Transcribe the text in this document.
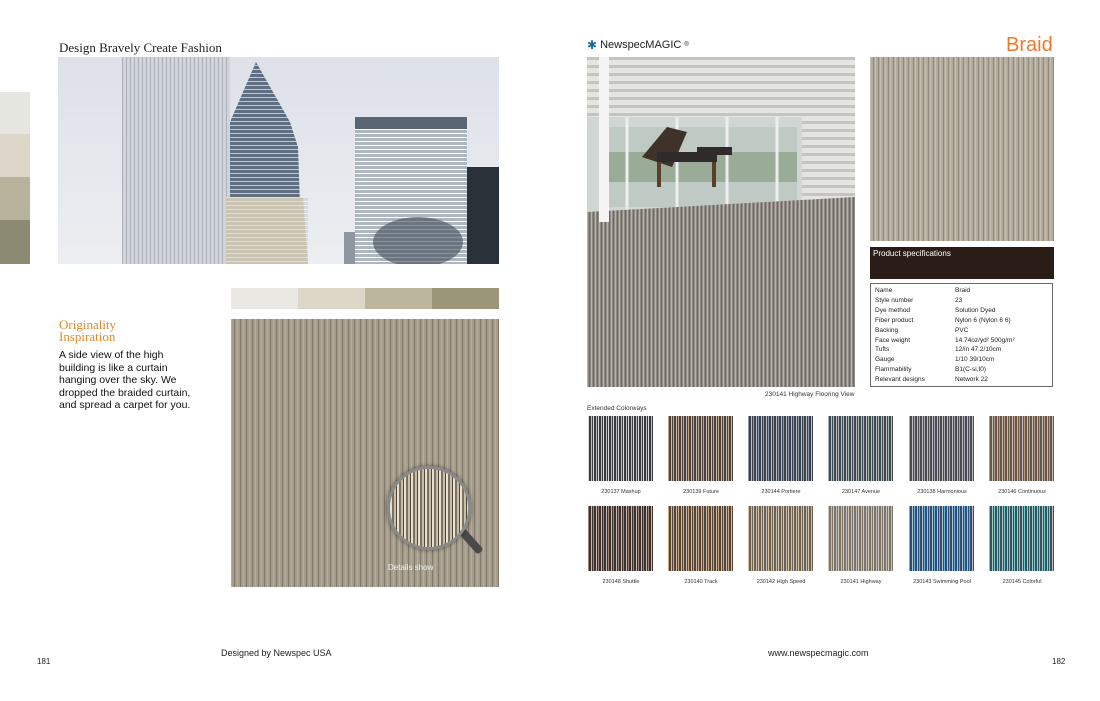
Design Bravely Create Fashion
Originality
Inspiration
A side view of the high building is like a curtain hanging over the sky. We dropped the braided curtain, and spread a carpet for you.
Details show
181
Designed by Newspec USA
✱ NewspecMAGIC ®	Braid
230141 Highway Flooring View
Product specifications
Name	Braid
Style number	23
Dye method	Solution Dyed
Fiber product	Nylon 6 (Nylon 6 6)
Backing	PVC
Face weight	14.74oz/yd² 500g/m²
Tufts	12/in 47.2/10cm
Gauge	1/10 39/10cm
Flammability	B1(C-si,t0)
Relevant designs	Network 22
Extended Colorways
230137 Mashup	230139 Future	230144 Portiere	230147 Avenue	230138 Harmonious	230146 Continuous
230148 Shuttle	230140 Track	230142 High Speed	230141 Highway	230143 Swimming Pool	230145 Colorful
www.newspecmagic.com
182
